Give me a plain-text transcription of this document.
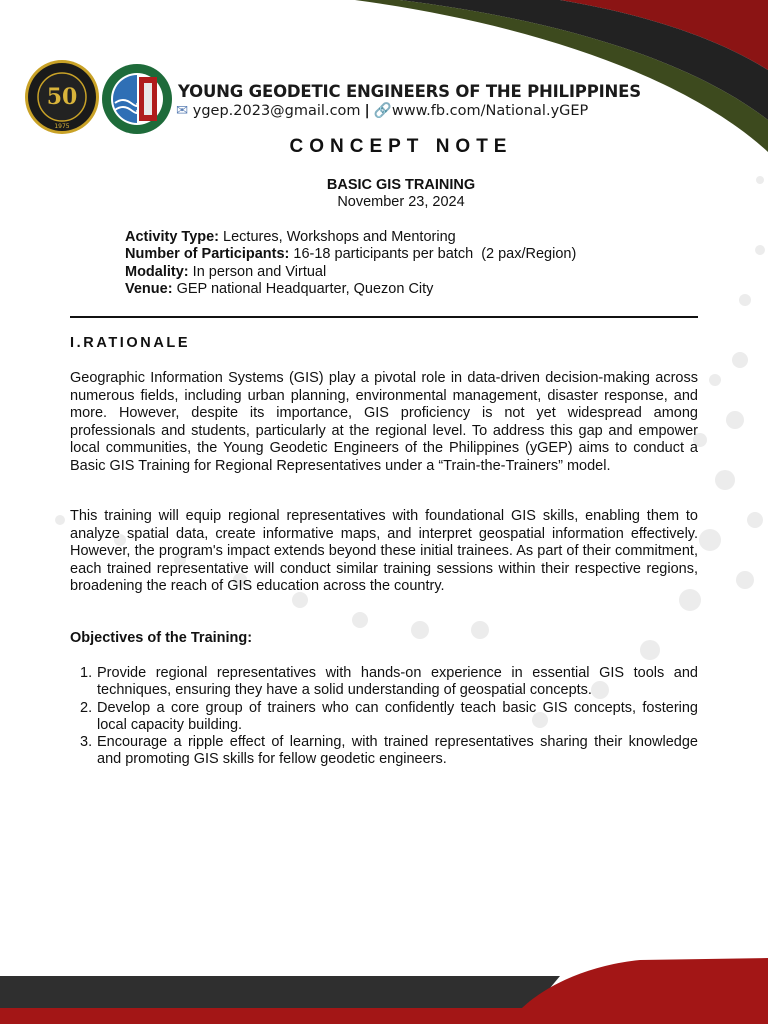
50
1975
YOUNG GEODETIC ENGINEERS OF THE PHILIPPINES
✉ ygep.2023@gmail.com | 🔗www.fb.com/National.yGEP
CONCEPT NOTE
BASIC GIS TRAINING
November 23, 2024
Activity Type: Lectures, Workshops and Mentoring
Number of Participants: 16-18 participants per batch  (2 pax/Region)
Modality: In person and Virtual
Venue: GEP national Headquarter, Quezon City
I.RATIONALE

Geographic Information Systems (GIS) play a pivotal role in data-driven decision-making across numerous fields, including urban planning, environmental management, disaster response, and more. However, despite its importance, GIS proficiency is not yet widespread among professionals and students, particularly at the regional level. To address this gap and empower local communities, the Young Geodetic Engineers of the Philippines (yGEP) aims to conduct a Basic GIS Training for Regional Representatives under a “Train-the-Trainers” model.

This training will equip regional representatives with foundational GIS skills, enabling them to analyze spatial data, create informative maps, and interpret geospatial information effectively. However, the program's impact extends beyond these initial trainees. As part of their commitment, each trained representative will conduct similar training sessions within their respective regions, broadening the reach of GIS education across the country.

Objectives of the Training:
1. Provide regional representatives with hands-on experience in essential GIS tools and techniques, ensuring they have a solid understanding of geospatial concepts.
2. Develop a core group of trainers who can confidently teach basic GIS concepts, fostering local capacity building.
3. Encourage a ripple effect of learning, with trained representatives sharing their knowledge and promoting GIS skills for fellow geodetic engineers.
